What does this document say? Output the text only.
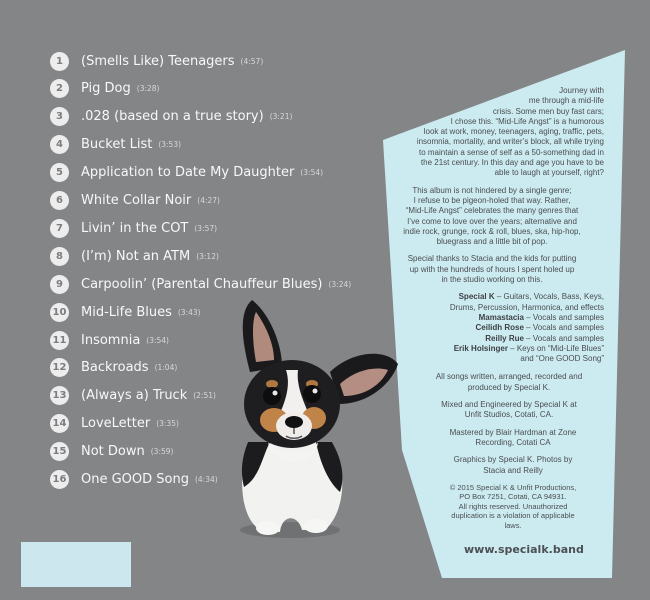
1	(Smells Like) Teenagers (4:57)
2	Pig Dog (3:28)
3	.028 (based on a true story) (3:21)
4	Bucket List (3:53)
5	Application to Date My Daughter (3:54)
6	White Collar Noir (4:27)
7	Livin’ in the COT (3:57)
8	(I’m) Not an ATM (3:12)
9	Carpoolin’ (Parental Chauffeur Blues) (3:24)
10 Mid-Life Blues (3:43)
11 Insomnia (3:54)
12 Backroads (1:04)
13 (Always a) Truck (2:51)
14 LoveLetter (3:35)
15 Not Down (3:59)
16 One GOOD Song (4:34)
Journey with
me through a mid-life
crisis. Some men buy fast cars;
I chose this. “Mid-Life Angst” is a humorous
look at work, money, teenagers, aging, traffic, pets,
insomnia, mortality, and writer’s block, all while trying
to maintain a sense of self as a 50-something dad in
the 21st century. In this day and age you have to be
able to laugh at yourself, right?
This album is not hindered by a single genre;
I refuse to be pigeon-holed that way. Rather,
“Mid-Life Angst” celebrates the many genres that
I’ve come to love over the years; alternative and
indie rock, grunge, rock & roll, blues, ska, hip-hop,
bluegrass and a little bit of pop.
Special thanks to Stacia and the kids for putting
up with the hundreds of hours I spent holed up
in the studio working on this.
Special K – Guitars, Vocals, Bass, Keys,
Drums, Percussion, Harmonica, and effects
Mamastacia – Vocals and samples
Ceilidh Rose – Vocals and samples
Reilly Rue – Vocals and samples
Erik Holsinger – Keys on “Mid-Life Blues”
and “One GOOD Song”
All songs written, arranged, recorded and
produced by Special K.
Mixed and Engineered by Special K at
Unfit Studios, Cotati, CA.
Mastered by Blair Hardman at Zone
Recording, Cotati CA
Graphics by Special K. Photos by
Stacia and Reilly
© 2015 Special K & Unfit Productions,
PO Box 7251, Cotati, CA 94931.
All rights reserved. Unauthorized
duplication is a violation of applicable
laws.
www.specialk.band
